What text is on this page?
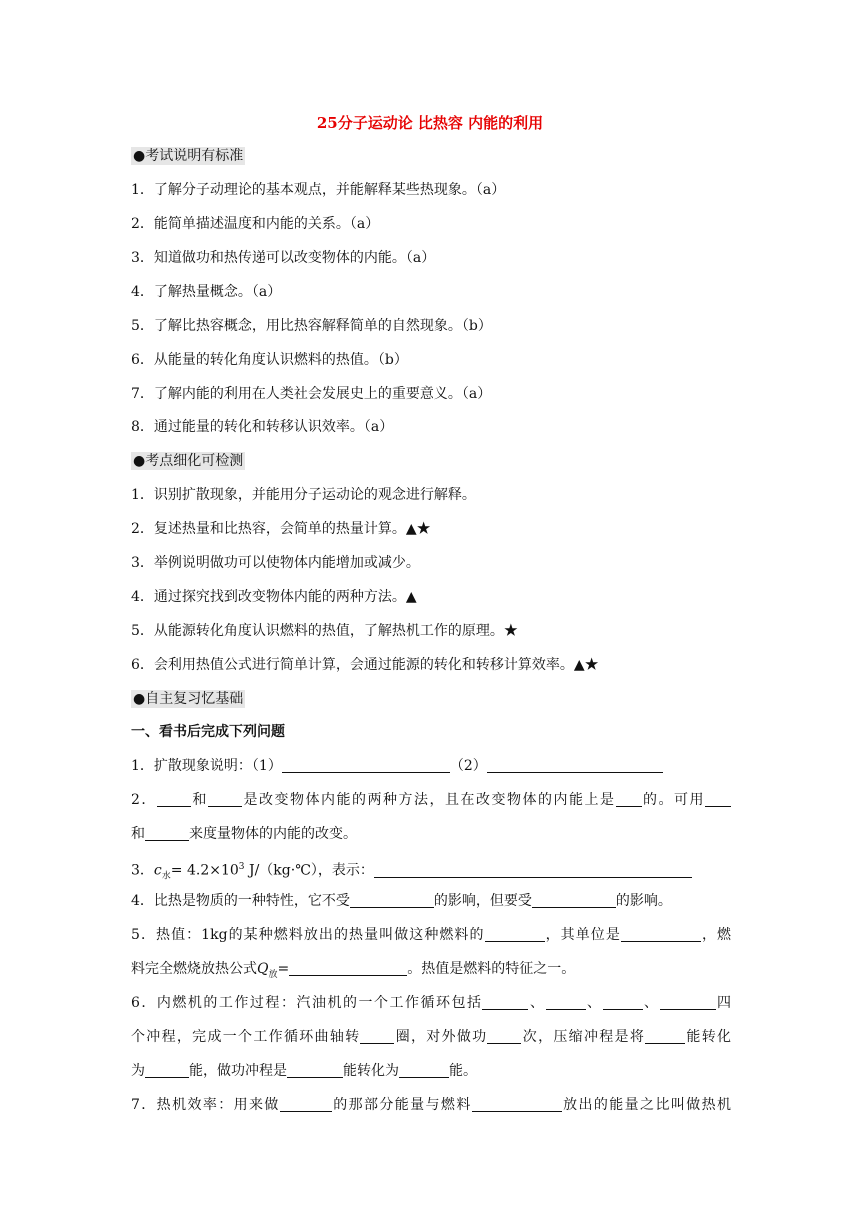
25分子运动论 比热容 内能的利用
●考试说明有标准
1．了解分子动理论的基本观点，并能解释某些热现象。（a）
2．能简单描述温度和内能的关系。（a）
3．知道做功和热传递可以改变物体的内能。（a）
4．了解热量概念。（a）
5．了解比热容概念，用比热容解释简单的自然现象。（b）
6．从能量的转化角度认识燃料的热值。（b）
7．了解内能的利用在人类社会发展史上的重要意义。（a）
8．通过能量的转化和转移认识效率。（a）
●考点细化可检测
1．识别扩散现象，并能用分子运动论的观念进行解释。
2．复述热量和比热容，会简单的热量计算。▲★
3．举例说明做功可以使物体内能增加或减少。
4．通过探究找到改变物体内能的两种方法。▲
5．从能源转化角度认识燃料的热值，了解热机工作的原理。★
6．会利用热值公式进行简单计算，会通过能源的转化和转移计算效率。▲★
●自主复习忆基础
一、看书后完成下列问题
1．扩散现象说明：（1）	（2）
2． 和 是改变物体内能的两种方法，且在改变物体的内能上是 的。可用
和	来度量物体的内能的改变。
3．$c_水= 4.2\times 10^3$ J/（kg·℃），表示：
4．比热是物质的一种特性，它不受	的影响，但要受	的影响。
5．热值：1kg的某种燃料放出的热量叫做这种燃料的	，其单位是	，燃
料完全燃烧放热公式$Q_放=$	。热值是燃料的特征之一。
6．内燃机的工作过程：汽油机的一个工作循环包括	、	、	、	四
个冲程，完成一个工作循环曲轴转 圈，对外做功 次，压缩冲程是将	能转化
为	能，做功冲程是	能转化为	能。
7．热机效率：用来做	的那部分能量与燃料	放出的能量之比叫做热机
